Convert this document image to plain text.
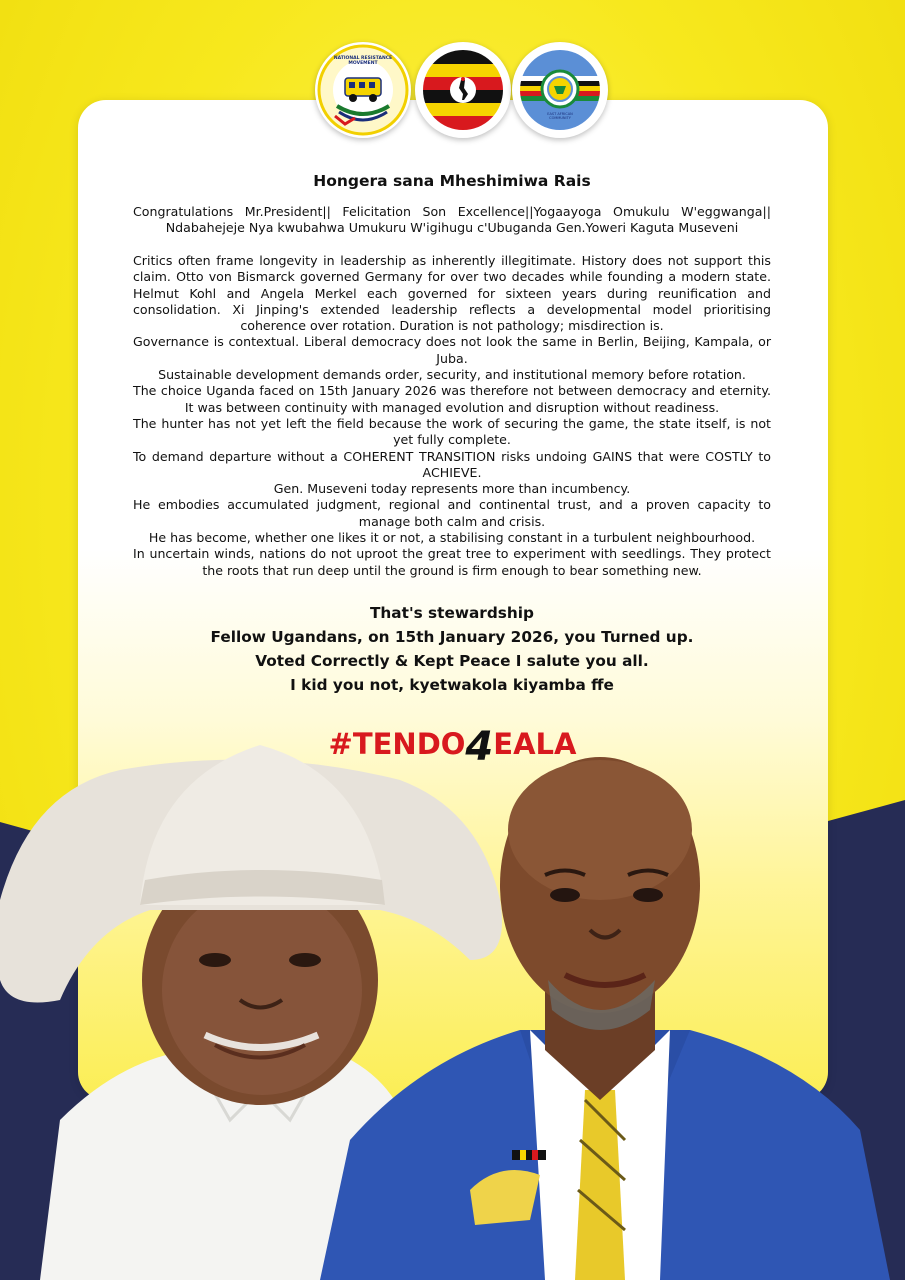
NATIONAL RESISTANCE MOVEMENT
EAST AFRICAN COMMUNITY
Hongera sana Mheshimiwa Rais
Congratulations Mr.President|| Felicitation Son Excellence||Yogaayoga Omukulu W'eggwanga|| Ndabahejeje Nya kwubahwa Umukuru W'igihugu c'Ubuganda Gen.Yoweri Kaguta Museveni
Critics often frame longevity in leadership as inherently illegitimate. History does not support this claim. Otto von Bismarck governed Germany for over two decades while founding a modern state. Helmut Kohl and Angela Merkel each governed for sixteen years during reunification and consolidation. Xi Jinping's extended leadership reflects a developmental model prioritising coherence over rotation. Duration is not pathology; misdirection is.
Governance is contextual. Liberal democracy does not look the same in Berlin, Beijing, Kampala, or Juba.
Sustainable development demands order, security, and institutional memory before rotation.
The choice Uganda faced on 15th January 2026 was therefore not between democracy and eternity. It was between continuity with managed evolution and disruption without readiness.
The hunter has not yet left the field because the work of securing the game, the state itself, is not yet fully complete.
To demand departure without a COHERENT TRANSITION risks undoing GAINS that were COSTLY to ACHIEVE.
Gen. Museveni today represents more than incumbency.
He embodies accumulated judgment, regional and continental trust, and a proven capacity to manage both calm and crisis.
He has become, whether one likes it or not, a stabilising constant in a turbulent neighbourhood.
In uncertain winds, nations do not uproot the great tree to experiment with seedlings. They protect the roots that run deep until the ground is firm enough to bear something new.
That's stewardship
Fellow Ugandans, on 15th January 2026, you Turned up.
Voted Correctly & Kept Peace I salute you all.
I kid you not, kyetwakola kiyamba ffe
#TENDO4EALA
